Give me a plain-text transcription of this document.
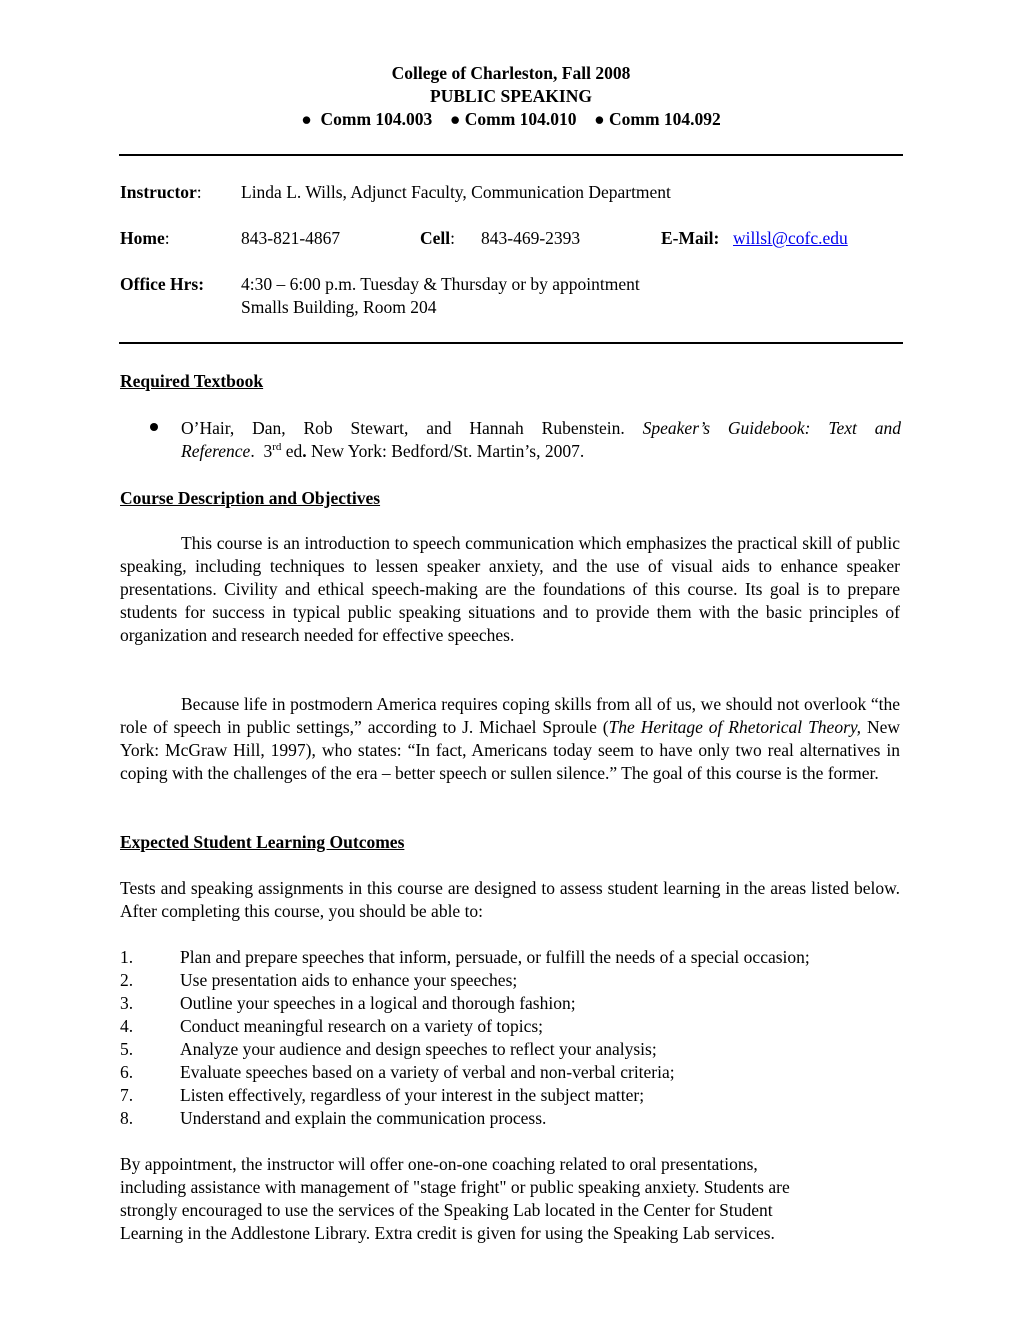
College of Charleston, Fall 2008
PUBLIC SPEAKING
● Comm 104.003 ● Comm 104.010 ● Comm 104.092
Instructor: Linda L. Wills, Adjunct Faculty, Communication Department
Home:	843-821-4867	Cell: 843-469-2393	E-Mail: willsl@cofc.edu
Office Hrs: 4:30 – 6:00 p.m. Tuesday & Thursday or by appointment
Smalls Building, Room 204
Required Textbook
O’Hair, Dan, Rob Stewart, and Hannah Rubenstein. Speaker’s Guidebook: Text and
Reference.  3rd ed. New York: Bedford/St. Martin’s, 2007.
Course Description and Objectives
This course is an introduction to speech communication which emphasizes the practical skill of public speaking, including techniques to lessen speaker anxiety, and the use of visual aids to enhance speaker presentations. Civility and ethical speech-making are the foundations of this course. Its goal is to prepare students for success in typical public speaking situations and to provide them with the basic principles of organization and research needed for effective speeches.
Because life in postmodern America requires coping skills from all of us, we should not overlook “the role of speech in public settings,” according to J. Michael Sproule (The Heritage of Rhetorical Theory, New York: McGraw Hill, 1997), who states: “In fact, Americans today seem to have only two real alternatives in coping with the challenges of the era – better speech or sullen silence.” The goal of this course is the former.
Expected Student Learning Outcomes
Tests and speaking assignments in this course are designed to assess student learning in the areas listed below. After completing this course, you should be able to:
1.	Plan and prepare speeches that inform, persuade, or fulfill the needs of a special occasion;
2.	Use presentation aids to enhance your speeches;
3.	Outline your speeches in a logical and thorough fashion;
4.	Conduct meaningful research on a variety of topics;
5.	Analyze your audience and design speeches to reflect your analysis;
6.	Evaluate speeches based on a variety of verbal and non-verbal criteria;
7.	Listen effectively, regardless of your interest in the subject matter;
8.	Understand and explain the communication process.
By appointment, the instructor will offer one-on-one coaching related to oral presentations,
including assistance with management of "stage fright" or public speaking anxiety. Students are
strongly encouraged to use the services of the Speaking Lab located in the Center for Student
Learning in the Addlestone Library. Extra credit is given for using the Speaking Lab services.
